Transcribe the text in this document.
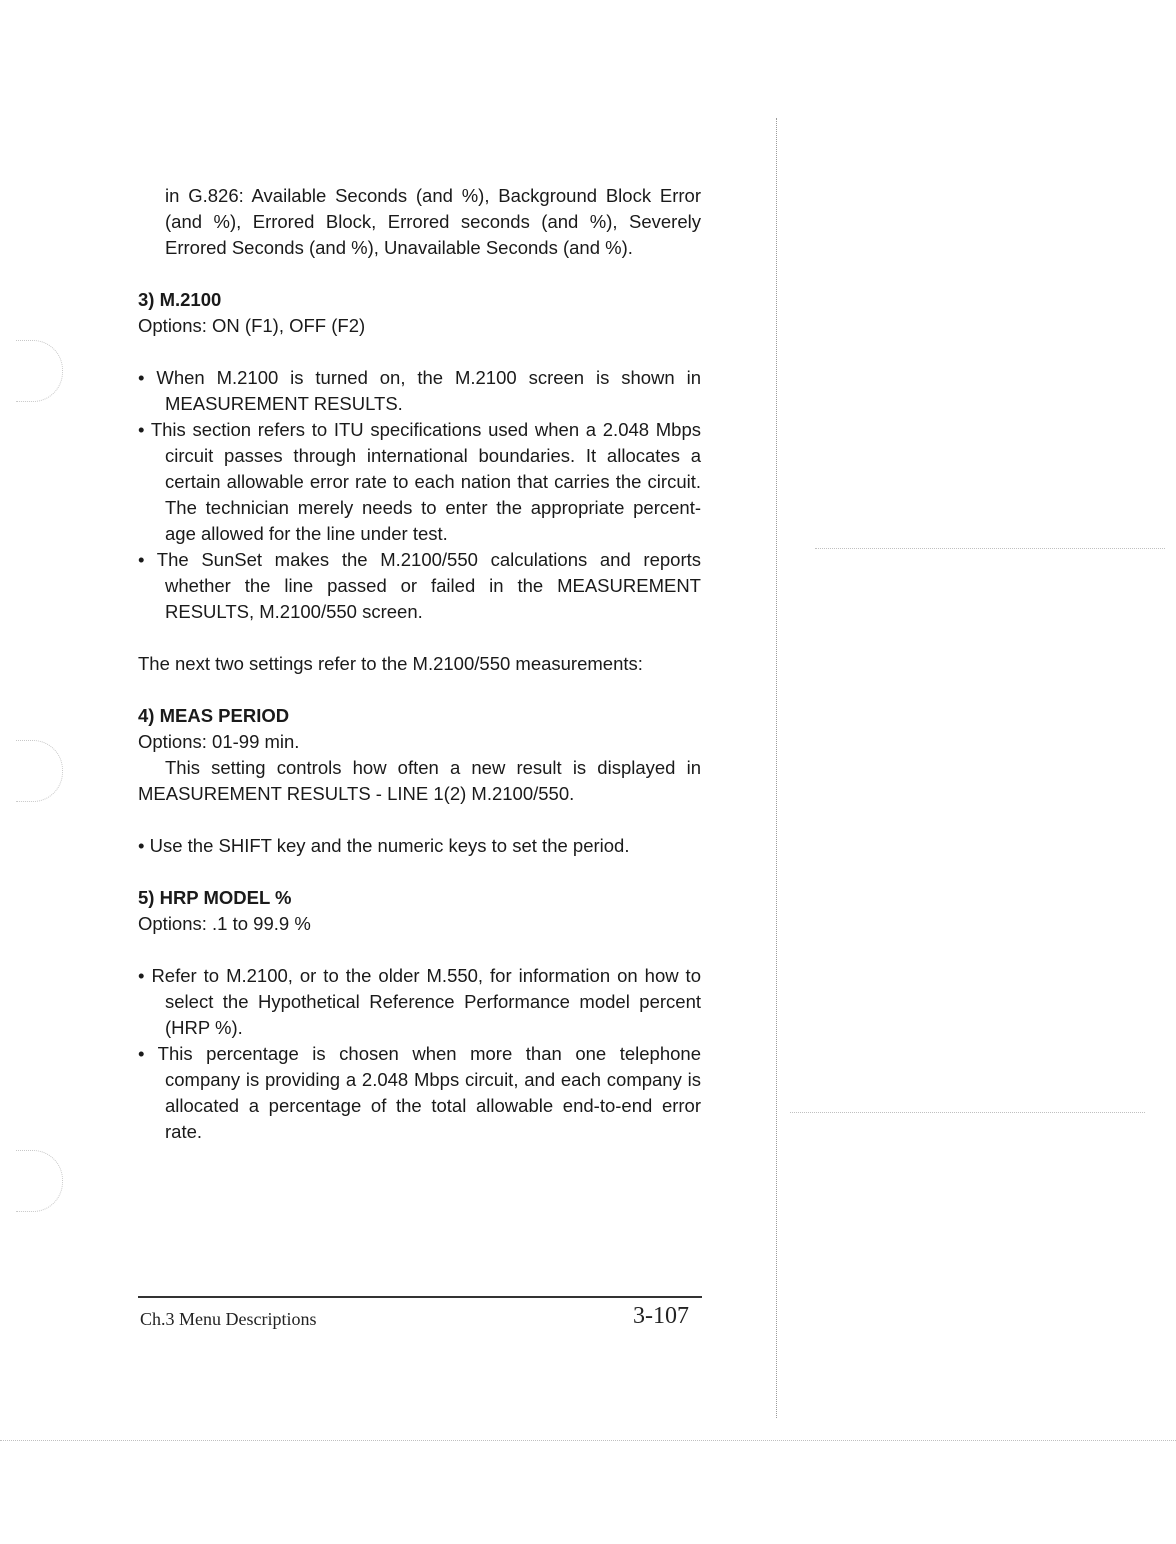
in G.826: Available Seconds (and %), Background Block Error (and %), Errored Block, Errored seconds (and %), Severely Errored Seconds (and %), Unavailable Seconds (and %).

3) M.2100

Options: ON (F1), OFF (F2)

• When M.2100 is turned on, the M.2100 screen is shown in MEASUREMENT RESULTS.

• This section refers to ITU specifications used when a 2.048 Mbps circuit passes through international boundaries. It allocates a certain allowable error rate to each nation that carries the circuit. The technician merely needs to enter the appropriate percent-age allowed for the line under test.

• The SunSet makes the M.2100/550 calculations and reports whether the line passed or failed in the MEASUREMENT RESULTS, M.2100/550 screen.

The next two settings refer to the M.2100/550 measurements:

4) MEAS PERIOD

Options: 01-99 min.

This setting controls how often a new result is displayed in MEASUREMENT RESULTS - LINE 1(2) M.2100/550.

• Use the SHIFT key and the numeric keys to set the period.

5) HRP MODEL %

Options: .1 to 99.9 %

• Refer to M.2100, or to the older M.550, for information on how to select the Hypothetical Reference Performance model percent (HRP %).

• This percentage is chosen when more than one telephone company is providing a 2.048 Mbps circuit, and each company is allocated a percentage of the total allowable end-to-end error rate.

Ch.3 Menu Descriptions	3-107
